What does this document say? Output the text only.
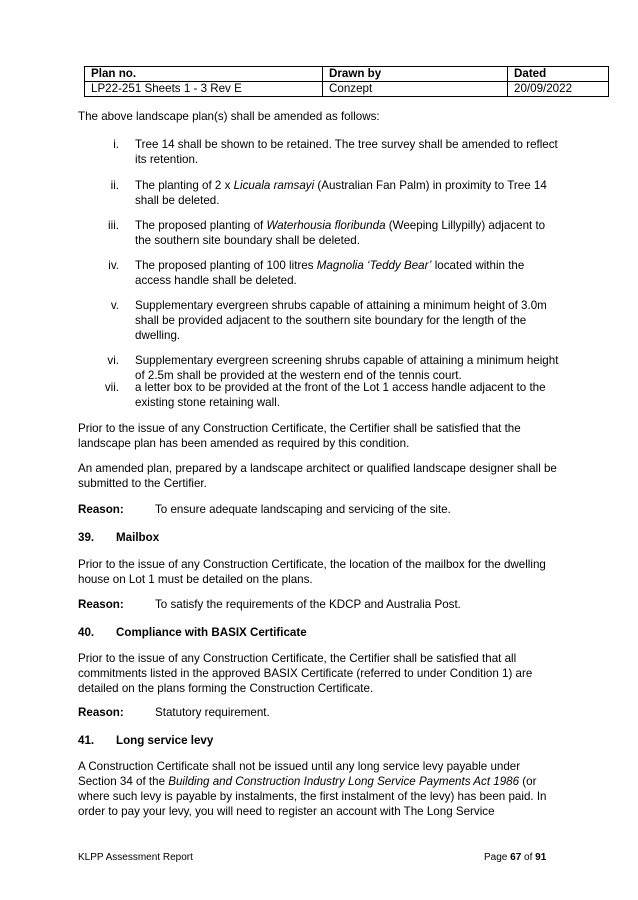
Plan no.	Drawn by	Dated
LP22-251 Sheets 1 - 3 Rev E	Conzept	20/09/2022

The above landscape plan(s) shall be amended as follows:

i. Tree 14 shall be shown to be retained. The tree survey shall be amended to reflect its retention.

ii. The planting of 2 x Licuala ramsayi (Australian Fan Palm) in proximity to Tree 14 shall be deleted.

iii. The proposed planting of Waterhousia floribunda (Weeping Lillypilly) adjacent to the southern site boundary shall be deleted.

iv. The proposed planting of 100 litres Magnolia ‘Teddy Bear’ located within the access handle shall be deleted.

v. Supplementary evergreen shrubs capable of attaining a minimum height of 3.0m shall be provided adjacent to the southern site boundary for the length of the dwelling.

vi. Supplementary evergreen screening shrubs capable of attaining a minimum height of 2.5m shall be provided at the western end of the tennis court.

vii. a letter box to be provided at the front of the Lot 1 access handle adjacent to the existing stone retaining wall.

Prior to the issue of any Construction Certificate, the Certifier shall be satisfied that the landscape plan has been amended as required by this condition.

An amended plan, prepared by a landscape architect or qualified landscape designer shall be submitted to the Certifier.

Reason:	To ensure adequate landscaping and servicing of the site.

39. Mailbox

Prior to the issue of any Construction Certificate, the location of the mailbox for the dwelling house on Lot 1 must be detailed on the plans.

Reason:	To satisfy the requirements of the KDCP and Australia Post.

40. Compliance with BASIX Certificate

Prior to the issue of any Construction Certificate, the Certifier shall be satisfied that all commitments listed in the approved BASIX Certificate (referred to under Condition 1) are detailed on the plans forming the Construction Certificate.

Reason:	Statutory requirement.

41. Long service levy

A Construction Certificate shall not be issued until any long service levy payable under Section 34 of the Building and Construction Industry Long Service Payments Act 1986 (or where such levy is payable by instalments, the first instalment of the levy) has been paid. In order to pay your levy, you will need to register an account with The Long Service

KLPP Assessment Report	Page 67 of 91
